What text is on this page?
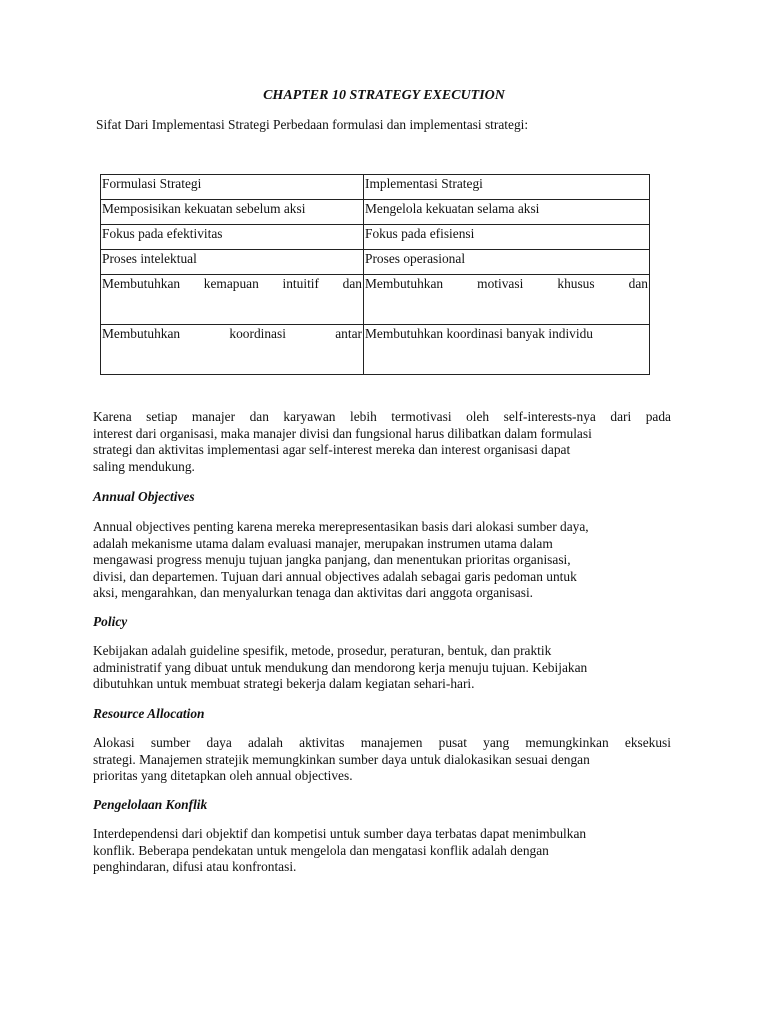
CHAPTER 10 STRATEGY EXECUTION

Sifat Dari Implementasi Strategi Perbedaan formulasi dan implementasi strategi:

Formulasi Strategi	Implementasi Strategi
Memposisikan kekuatan sebelum aksi	Mengelola kekuatan selama aksi
Fokus pada efektivitas	Fokus pada efisiensi
Proses intelektual	Proses operasional
Membutuhkan kemapuan intuitif dan	Membutuhkan motivasi khusus dan
Membutuhkan koordinasi antar	Membutuhkan koordinasi banyak individu

Karena setiap manajer dan karyawan lebih termotivasi oleh self-interests-nya dari pada
interest dari organisasi, maka manajer divisi dan fungsional harus dilibatkan dalam formulasi
strategi dan aktivitas implementasi agar self-interest mereka dan interest organisasi dapat
saling mendukung.

Annual Objectives

Annual objectives penting karena mereka merepresentasikan basis dari alokasi sumber daya,
adalah mekanisme utama dalam evaluasi manajer, merupakan instrumen utama dalam
mengawasi progress menuju tujuan jangka panjang, dan menentukan prioritas organisasi,
divisi, dan departemen. Tujuan dari annual objectives adalah sebagai garis pedoman untuk
aksi, mengarahkan, dan menyalurkan tenaga dan aktivitas dari anggota organisasi.

Policy

Kebijakan adalah guideline spesifik, metode, prosedur, peraturan, bentuk, dan praktik
administratif yang dibuat untuk mendukung dan mendorong kerja menuju tujuan. Kebijakan
dibutuhkan untuk membuat strategi bekerja dalam kegiatan sehari-hari.

Resource Allocation

Alokasi sumber daya adalah aktivitas manajemen pusat yang memungkinkan eksekusi
strategi. Manajemen stratejik memungkinkan sumber daya untuk dialokasikan sesuai dengan
prioritas yang ditetapkan oleh annual objectives.

Pengelolaan Konflik

Interdependensi dari objektif dan kompetisi untuk sumber daya terbatas dapat menimbulkan
konflik. Beberapa pendekatan untuk mengelola dan mengatasi konflik adalah dengan
penghindaran, difusi atau konfrontasi.
